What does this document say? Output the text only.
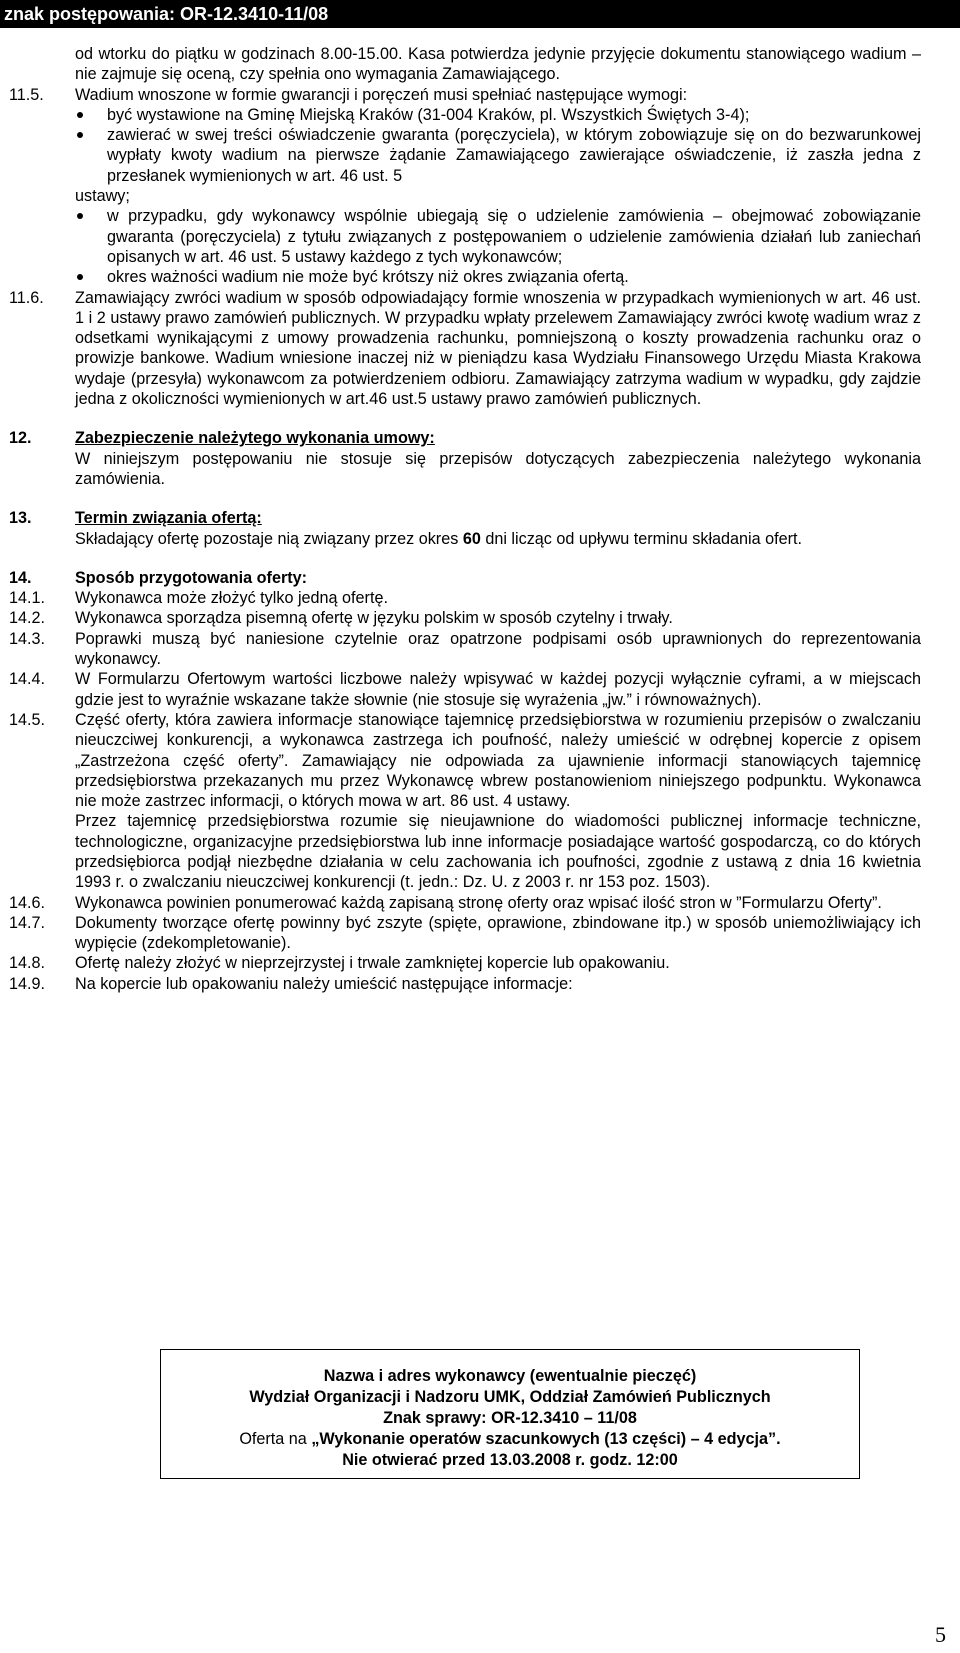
znak postępowania: OR-12.3410-11/08
od wtorku do piątku w godzinach 8.00-15.00. Kasa potwierdza jedynie przyjęcie dokumentu stanowiącego wadium – nie zajmuje się oceną, czy spełnia ono wymagania Zamawiającego.
11.5.	Wadium wnoszone w formie gwarancji i poręczeń musi spełniać następujące wymogi:
być wystawione na Gminę Miejską Kraków (31-004 Kraków, pl. Wszystkich Świętych 3-4);
zawierać w swej treści oświadczenie gwaranta (poręczyciela), w którym zobowiązuje się on do bezwarunkowej wypłaty kwoty wadium na pierwsze żądanie Zamawiającego zawierające oświadczenie, iż zaszła jedna z przesłanek wymienionych w art. 46 ust. 5
ustawy;
w przypadku, gdy wykonawcy wspólnie ubiegają się o udzielenie zamówienia – obejmować zobowiązanie gwaranta (poręczyciela) z tytułu związanych z postępowaniem o udzielenie zamówienia działań lub zaniechań opisanych w art. 46 ust. 5 ustawy każdego z tych wykonawców;
okres ważności wadium nie może być krótszy niż okres związania ofertą.
11.6.	Zamawiający zwróci wadium w sposób odpowiadający formie wnoszenia w przypadkach wymienionych w art. 46 ust. 1 i 2 ustawy prawo zamówień publicznych. W przypadku wpłaty przelewem Zamawiający zwróci kwotę wadium wraz z odsetkami wynikającymi z umowy prowadzenia rachunku, pomniejszoną o koszty prowadzenia rachunku oraz o prowizje bankowe. Wadium wniesione inaczej niż w pieniądzu kasa Wydziału Finansowego Urzędu Miasta Krakowa wydaje (przesyła) wykonawcom za potwierdzeniem odbioru. Zamawiający zatrzyma wadium w wypadku, gdy zajdzie jedna z okoliczności wymienionych w art.46 ust.5 ustawy prawo zamówień publicznych.
12.	Zabezpieczenie należytego wykonania umowy:
W niniejszym postępowaniu nie stosuje się przepisów dotyczących zabezpieczenia należytego wykonania zamówienia.
13.	Termin związania ofertą:
Składający ofertę pozostaje nią związany przez okres 60 dni licząc od upływu terminu składania ofert.
14.	Sposób przygotowania oferty:
14.1.	Wykonawca może złożyć tylko jedną ofertę.
14.2.	Wykonawca sporządza pisemną ofertę w języku polskim w sposób czytelny i trwały.
14.3.	Poprawki muszą być naniesione czytelnie oraz opatrzone podpisami osób uprawnionych do reprezentowania wykonawcy.
14.4.	W Formularzu Ofertowym wartości liczbowe należy wpisywać w każdej pozycji wyłącznie cyframi, a w miejscach gdzie jest to wyraźnie wskazane także słownie (nie stosuje się wyrażenia „jw.” i równoważnych).
14.5.	Część oferty, która zawiera informacje stanowiące tajemnicę przedsiębiorstwa w rozumieniu przepisów o zwalczaniu nieuczciwej konkurencji, a wykonawca zastrzega ich poufność, należy umieścić w odrębnej kopercie z opisem „Zastrzeżona część oferty”. Zamawiający nie odpowiada za ujawnienie informacji stanowiących tajemnicę przedsiębiorstwa przekazanych mu przez Wykonawcę wbrew postanowieniom niniejszego podpunktu. Wykonawca nie może zastrzec informacji, o których mowa w art. 86 ust. 4 ustawy.
Przez tajemnicę przedsiębiorstwa rozumie się nieujawnione do wiadomości publicznej informacje techniczne, technologiczne, organizacyjne przedsiębiorstwa lub inne informacje posiadające wartość gospodarczą, co do których przedsiębiorca podjął niezbędne działania w celu zachowania ich poufności, zgodnie z ustawą z dnia 16 kwietnia 1993 r. o zwalczaniu nieuczciwej konkurencji (t. jedn.: Dz. U. z 2003 r. nr 153 poz. 1503).
14.6.	Wykonawca powinien ponumerować każdą zapisaną stronę oferty oraz wpisać ilość stron w ”Formularzu Oferty”.
14.7.	Dokumenty tworzące ofertę powinny być zszyte (spięte, oprawione, zbindowane itp.) w sposób uniemożliwiający ich wypięcie (zdekompletowanie).
14.8.	Ofertę należy złożyć w nieprzejrzystej i trwale zamkniętej kopercie lub opakowaniu.
14.9.	Na kopercie lub opakowaniu należy umieścić następujące informacje:
Nazwa i adres wykonawcy (ewentualnie pieczęć)
Wydział Organizacji i Nadzoru UMK, Oddział Zamówień Publicznych
Znak sprawy: OR-12.3410 – 11/08
Oferta na „Wykonanie operatów szacunkowych (13 części) – 4 edycja”.
Nie otwierać przed 13.03.2008 r. godz. 12:00
5
